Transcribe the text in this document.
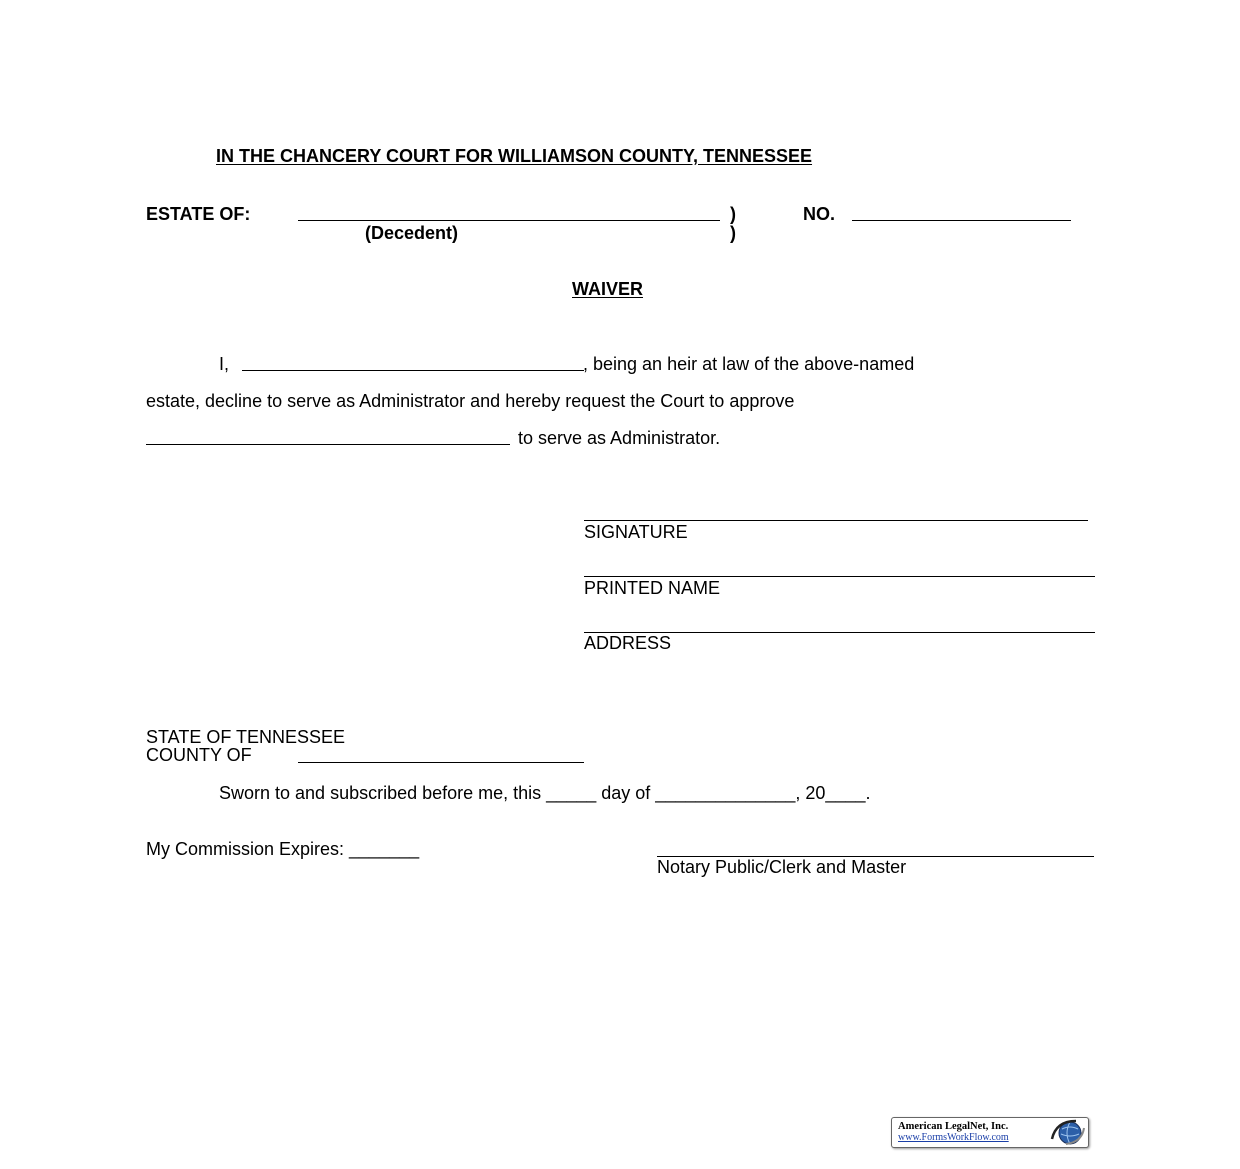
IN THE CHANCERY COURT FOR WILLIAMSON COUNTY, TENNESSEE
ESTATE OF:	)	NO.
(Decedent)	)
WAIVER
I,	, being an heir at law of the above-named
estate, decline to serve as Administrator and hereby request the Court to approve
to serve as Administrator.
SIGNATURE
PRINTED NAME
ADDRESS
STATE OF TENNESSEE
COUNTY OF
Sworn to and subscribed before me, this _____ day of ______________, 20____.
My Commission Expires: _______
Notary Public/Clerk and Master
American LegalNet, Inc.
www.FormsWorkFlow.com
